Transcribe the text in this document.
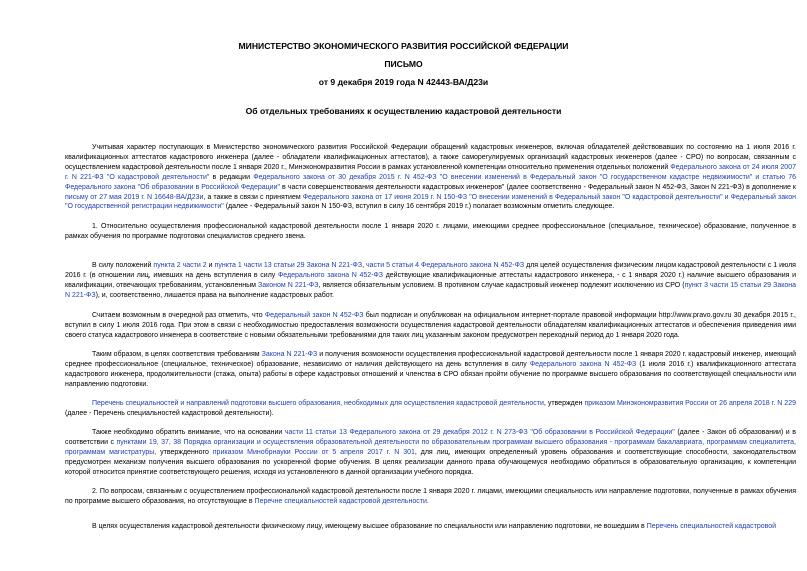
МИНИСТЕРСТВО ЭКОНОМИЧЕСКОГО РАЗВИТИЯ РОССИЙСКОЙ ФЕДЕРАЦИИ
ПИСЬМО
от 9 декабря 2019 года N 42443-ВА/Д23и
Об отдельных требованиях к осуществлению кадастровой деятельности

Учитывая характер поступающих в Министерство экономического развития Российской Федерации обращений кадастровых инженеров, включая обладателей действовавших по состоянию на 1 июля 2016 г. квалификационных аттестатов кадастрового инженера (далее - обладатели квалификационных аттестатов), а также саморегулируемых организаций кадастровых инженеров (далее - СРО) по вопросам, связанным с осуществлением кадастровой деятельности после 1 января 2020 г., Минэкономразвития России в рамках установленной компетенции относительно применения отдельных положений Федерального закона от 24 июля 2007 г. N 221-ФЗ "О кадастровой деятельности" в редакции Федерального закона от 30 декабря 2015 г. N 452-ФЗ "О внесении изменений в Федеральный закон "О государственном кадастре недвижимости" и статью 76 Федерального закона "Об образовании в Российской Федерации" в части совершенствования деятельности кадастровых инженеров" (далее соответственно - Федеральный закон N 452-ФЗ, Закон N 221-ФЗ) в дополнение к письму от 27 мая 2019 г. N 16648-ВА/Д23и, а также в связи с принятием Федерального закона от 17 июня 2019 г. N 150-ФЗ "О внесении изменений в Федеральный закон "О кадастровой деятельности" и Федеральный закон "О государственной регистрации недвижимости" (далее - Федеральный закон N 150-ФЗ, вступил в силу 16 сентября 2019 г.) полагает возможным отметить следующее.

1. Относительно осуществления профессиональной кадастровой деятельности после 1 января 2020 г. лицами, имеющими среднее профессиональное (специальное, техническое) образование, полученное в рамках обучения по программе подготовки специалистов среднего звена.

В силу положений пункта 2 части 2 и пункта 1 части 13 статьи 29 Закона N 221-ФЗ, части 5 статьи 4 Федерального закона N 452-ФЗ для целей осуществления физическим лицом кадастровой деятельности с 1 июля 2016 г. (в отношении лиц, имевших на день вступления в силу Федерального закона N 452-ФЗ действующие квалификационные аттестаты кадастрового инженера, - с 1 января 2020 г.) наличие высшего образования и квалификации, отвечающих требованиям, установленным Законом N 221-ФЗ, является обязательным условием. В противном случае кадастровый инженер подлежит исключению из СРО (пункт 3 части 15 статьи 29 Закона N 221-ФЗ), и, соответственно, лишается права на выполнение кадастровых работ.

Считаем возможным в очередной раз отметить, что Федеральный закон N 452-ФЗ был подписан и опубликован на официальном интернет-портале правовой информации http://www.pravo.gov.ru 30 декабря 2015 г., вступил в силу 1 июля 2016 года. При этом в связи с необходимостью предоставления возможности осуществления кадастровой деятельности обладателям квалификационных аттестатов и обеспечения приведения ими своего статуса кадастрового инженера в соответствие с новыми обязательными требованиями для таких лиц указанным законом предусмотрен переходный период до 1 января 2020 года.

Таким образом, в целях соответствия требованиям Закона N 221-ФЗ и получения возможности осуществления профессиональной кадастровой деятельности после 1 января 2020 г. кадастровый инженер, имеющий среднее профессиональное (специальное, техническое) образование, независимо от наличия действующего на день вступления в силу Федерального закона N 452-ФЗ (1 июля 2016 г.) квалификационного аттестата кадастрового инженера, продолжительности (стажа, опыта) работы в сфере кадастровых отношений и членства в СРО обязан пройти обучение по программе высшего образования по соответствующей специальности или направлению подготовки.

Перечень специальностей и направлений подготовки высшего образования, необходимых для осуществления кадастровой деятельности, утвержден приказом Минэкономразвития России от 26 апреля 2018 г. N 229 (далее - Перечень специальностей кадастровой деятельности).

Также необходимо обратить внимание, что на основании части 11 статьи 13 Федерального закона от 29 декабря 2012 г. N 273-ФЗ "Об образовании в Российской Федерации" (далее - Закон об образовании) и в соответствии с пунктами 19, 37, 38 Порядка организации и осуществления образовательной деятельности по образовательным программам высшего образования - программам бакалавриата, программам специалитета, программам магистратуры, утвержденного приказом Минобрнауки России от 5 апреля 2017 г. N 301, для лиц, имеющих определенный уровень образования и соответствующие способности, законодательством предусмотрен механизм получения высшего образования по ускоренной форме обучения. В целях реализации данного права обучающемуся необходимо обратиться в образовательную организацию, к компетенции которой относится принятие соответствующего решения, исходя из установленного в данной организации учебного порядка.

2. По вопросам, связанным с осуществлением профессиональной кадастровой деятельности после 1 января 2020 г. лицами, имеющими специальность или направление подготовки, полученные в рамках обучения по программе высшего образования, но отсутствующие в Перечне специальностей кадастровой деятельности.

В целях осуществления кадастровой деятельности физическому лицу, имеющему высшее образование по специальности или направлению подготовки, не вошедшим в Перечень специальностей кадастровой
